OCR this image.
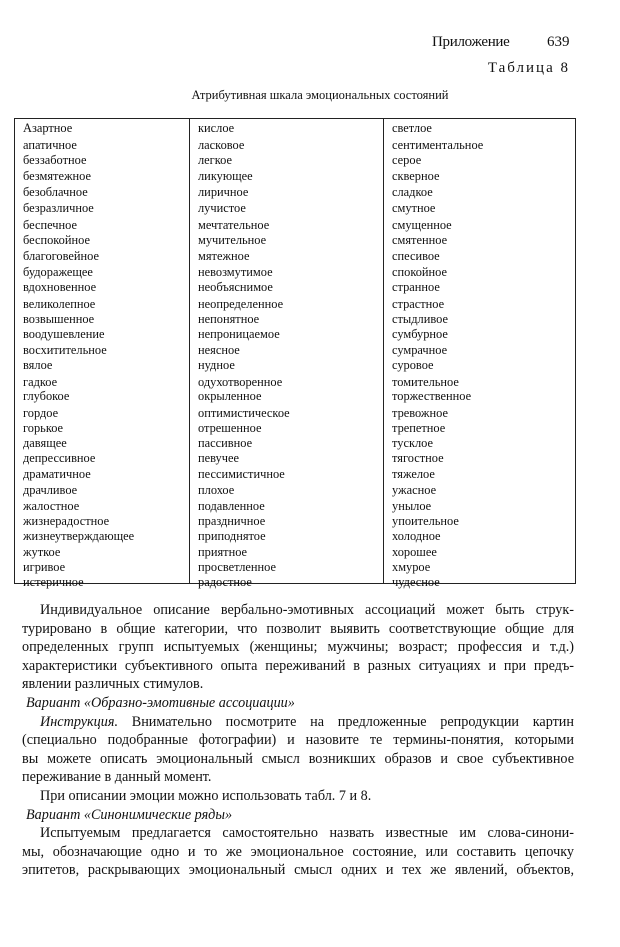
Приложение 639
Таблица 8
Атрибутивная шкала эмоциональных состояний
Азартное
апатичное
беззаботное
безмятежное
безоблачное
безразличное
беспечное
беспокойное
благоговейное
будоражещее
вдохновенное
великолепное
возвышенное
воодушевление
восхитительное
вялое
гадкое
глубокое
гордое
горькое
давящее
депрессивное
драматичное
драчливое
жалостное
жизнерадостное
жизнеутверждающее
жуткое
игривое
истеричное
кислое
ласковое
легкое
ликующее
лиричное
лучистое
мечтательное
мучительное
мятежное
невозмутимое
необъяснимое
неопределенное
непонятное
непроницаемое
неясное
нудное
одухотворенное
окрыленное
оптимистическое
отрешенное
пассивное
певучее
пессимистичное
плохое
подавленное
праздничное
приподнятое
приятное
просветленное
радостное
светлое
сентиментальное
серое
скверное
сладкое
смутное
смущенное
смятенное
спесивое
спокойное
странное
страстное
стыдливое
сумбурное
сумрачное
суровое
томительное
торжественное
тревожное
трепетное
тусклое
тягостное
тяжелое
ужасное
унылое
упоительное
холодное
хорошее
хмурое
чудесное
Индивидуальное описание вербально-эмотивных ассоциаций может быть струк-
турировано в общие категории, что позволит выявить соответствующие общие для
определенных групп испытуемых (женщины; мужчины; возраст; профессия и т.д.)
характеристики субъективного опыта переживаний в разных ситуациях и при предъ-
явлении различных стимулов.
Вариант «Образно-эмотивные ассоциации»
Инструкция. Внимательно посмотрите на предложенные репродукции картин
(специально подобранные фотографии) и назовите те термины-понятия, которыми
вы можете описать эмоциональный смысл возникших образов и свое субъективное
переживание в данный момент.
При описании эмоции можно использовать табл. 7 и 8.
Вариант «Синонимические ряды»
Испытуемым предлагается самостоятельно назвать известные им слова-синони-
мы, обозначающие одно и то же эмоциональное состояние, или составить цепочку
эпитетов, раскрывающих эмоциональный смысл одних и тех же явлений, объектов,
